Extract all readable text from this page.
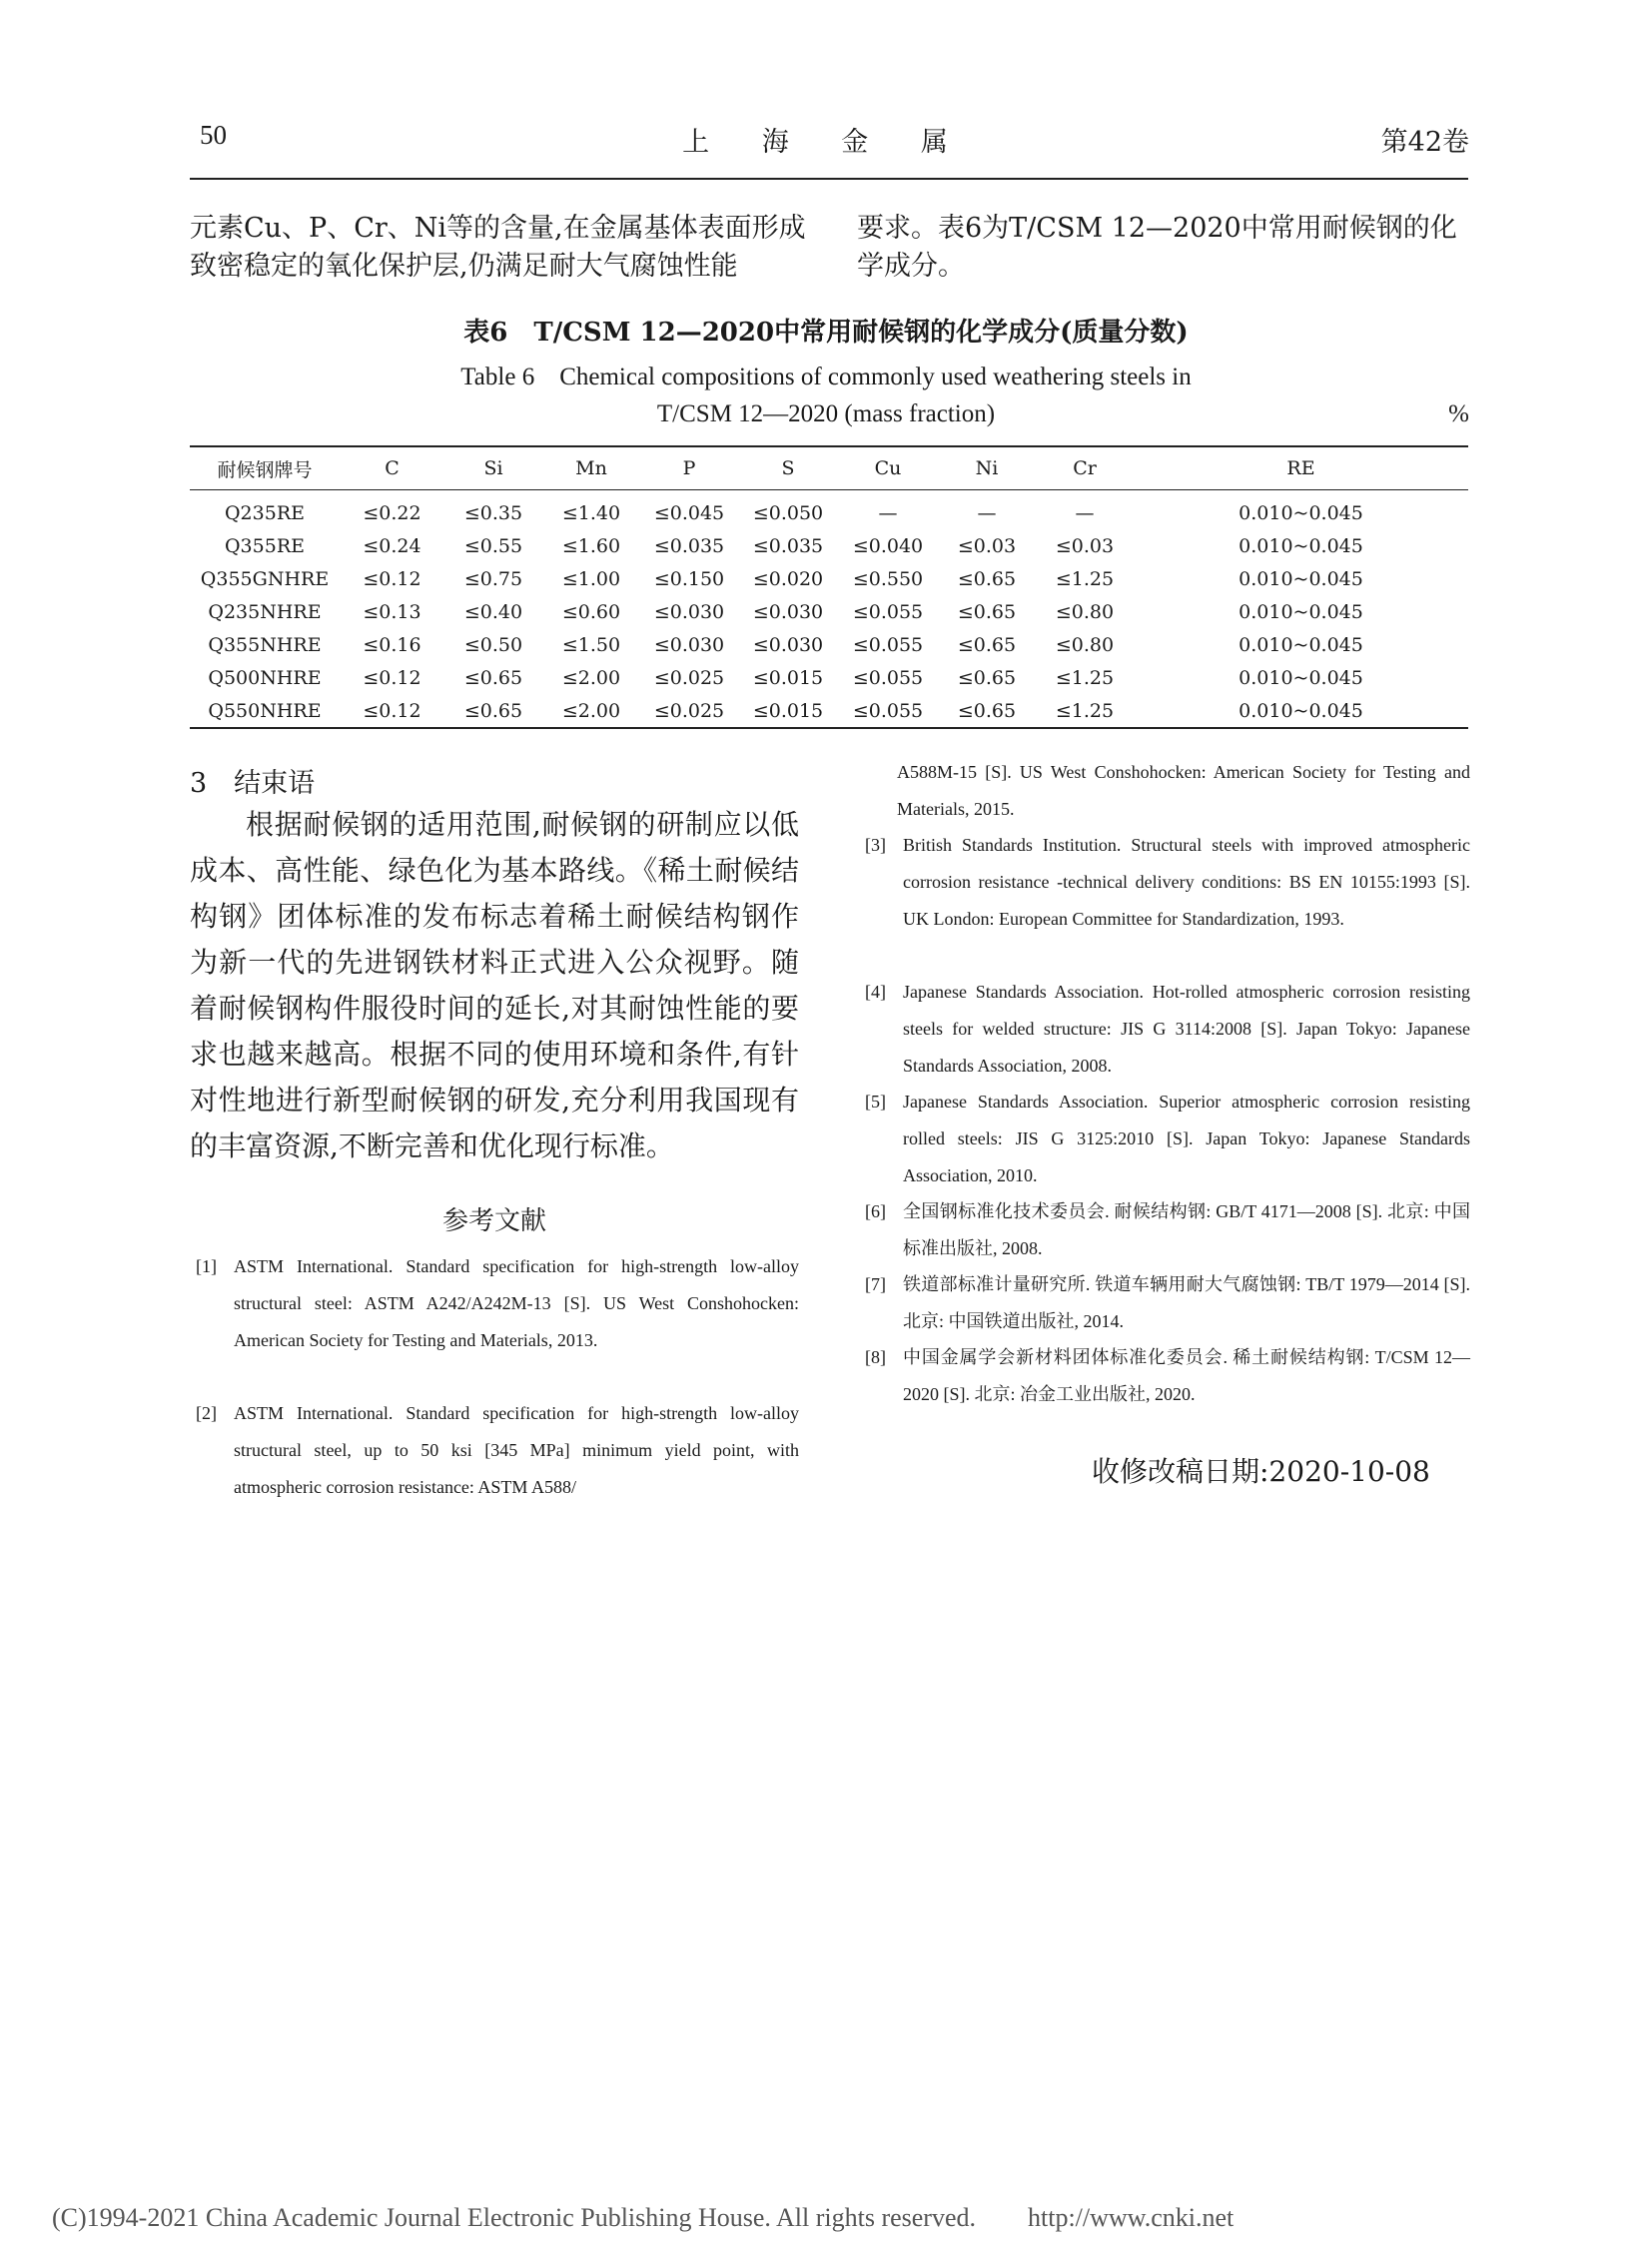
50	上 海 金 属	第42卷
元素Cu、P、Cr、Ni等的含量,在金属基体表面形成致密稳定的氧化保护层,仍满足耐大气腐蚀性能
要求。表6为T/CSM 12—2020中常用耐候钢的化学成分。
表6　T/CSM 12—2020中常用耐候钢的化学成分(质量分数)
Table 6　Chemical compositions of commonly used weathering steels in
T/CSM 12—2020 (mass fraction)	%
耐候钢牌号	C	Si	Mn	P	S	Cu	Ni	Cr	RE
Q235RE	≤0.22	≤0.35	≤1.40	≤0.045	≤0.050	—	—	—	0.010~0.045
Q355RE	≤0.24	≤0.55	≤1.60	≤0.035	≤0.035	≤0.040	≤0.03	≤0.03	0.010~0.045
Q355GNHRE	≤0.12	≤0.75	≤1.00	≤0.150	≤0.020	≤0.550	≤0.65	≤1.25	0.010~0.045
Q235NHRE	≤0.13	≤0.40	≤0.60	≤0.030	≤0.030	≤0.055	≤0.65	≤0.80	0.010~0.045
Q355NHRE	≤0.16	≤0.50	≤1.50	≤0.030	≤0.030	≤0.055	≤0.65	≤0.80	0.010~0.045
Q500NHRE	≤0.12	≤0.65	≤2.00	≤0.025	≤0.015	≤0.055	≤0.65	≤1.25	0.010~0.045
Q550NHRE	≤0.12	≤0.65	≤2.00	≤0.025	≤0.015	≤0.055	≤0.65	≤1.25	0.010~0.045
3　结束语
根据耐候钢的适用范围,耐候钢的研制应以低成本、高性能、绿色化为基本路线。《稀土耐候结构钢》团体标准的发布标志着稀土耐候结构钢作为新一代的先进钢铁材料正式进入公众视野。随着耐候钢构件服役时间的延长,对其耐蚀性能的要求也越来越高。根据不同的使用环境和条件,有针对性地进行新型耐候钢的研发,充分利用我国现有的丰富资源,不断完善和优化现行标准。
参考文献
[1] ASTM International. Standard specification for high-strength low-alloy structural steel: ASTM A242/A242M-13 [S]. US West Conshohocken: American Society for Testing and Materials, 2013.
[2] ASTM International. Standard specification for high-strength low-alloy structural steel, up to 50 ksi [345 MPa] minimum yield point, with atmospheric corrosion resistance: ASTM A588/
A588M-15 [S]. US West Conshohocken: American Society for Testing and Materials, 2015.
[3] British Standards Institution. Structural steels with improved atmospheric corrosion resistance -technical delivery conditions: BS EN 10155:1993 [S]. UK London: European Committee for Standardization, 1993.
[4] Japanese Standards Association. Hot-rolled atmospheric corrosion resisting steels for welded structure: JIS G 3114:2008 [S]. Japan Tokyo: Japanese Standards Association, 2008.
[5] Japanese Standards Association. Superior atmospheric corrosion resisting rolled steels: JIS G 3125:2010 [S]. Japan Tokyo: Japanese Standards Association, 2010.
[6] 全国钢标准化技术委员会. 耐候结构钢: GB/T 4171—2008 [S]. 北京: 中国标准出版社, 2008.
[7] 铁道部标准计量研究所. 铁道车辆用耐大气腐蚀钢: TB/T 1979—2014 [S]. 北京: 中国铁道出版社, 2014.
[8] 中国金属学会新材料团体标准化委员会. 稀土耐候结构钢: T/CSM 12—2020 [S]. 北京: 冶金工业出版社, 2020.
收修改稿日期:2020-10-08
(C)1994-2021 China Academic Journal Electronic Publishing House. All rights reserved.　　http://www.cnki.net
